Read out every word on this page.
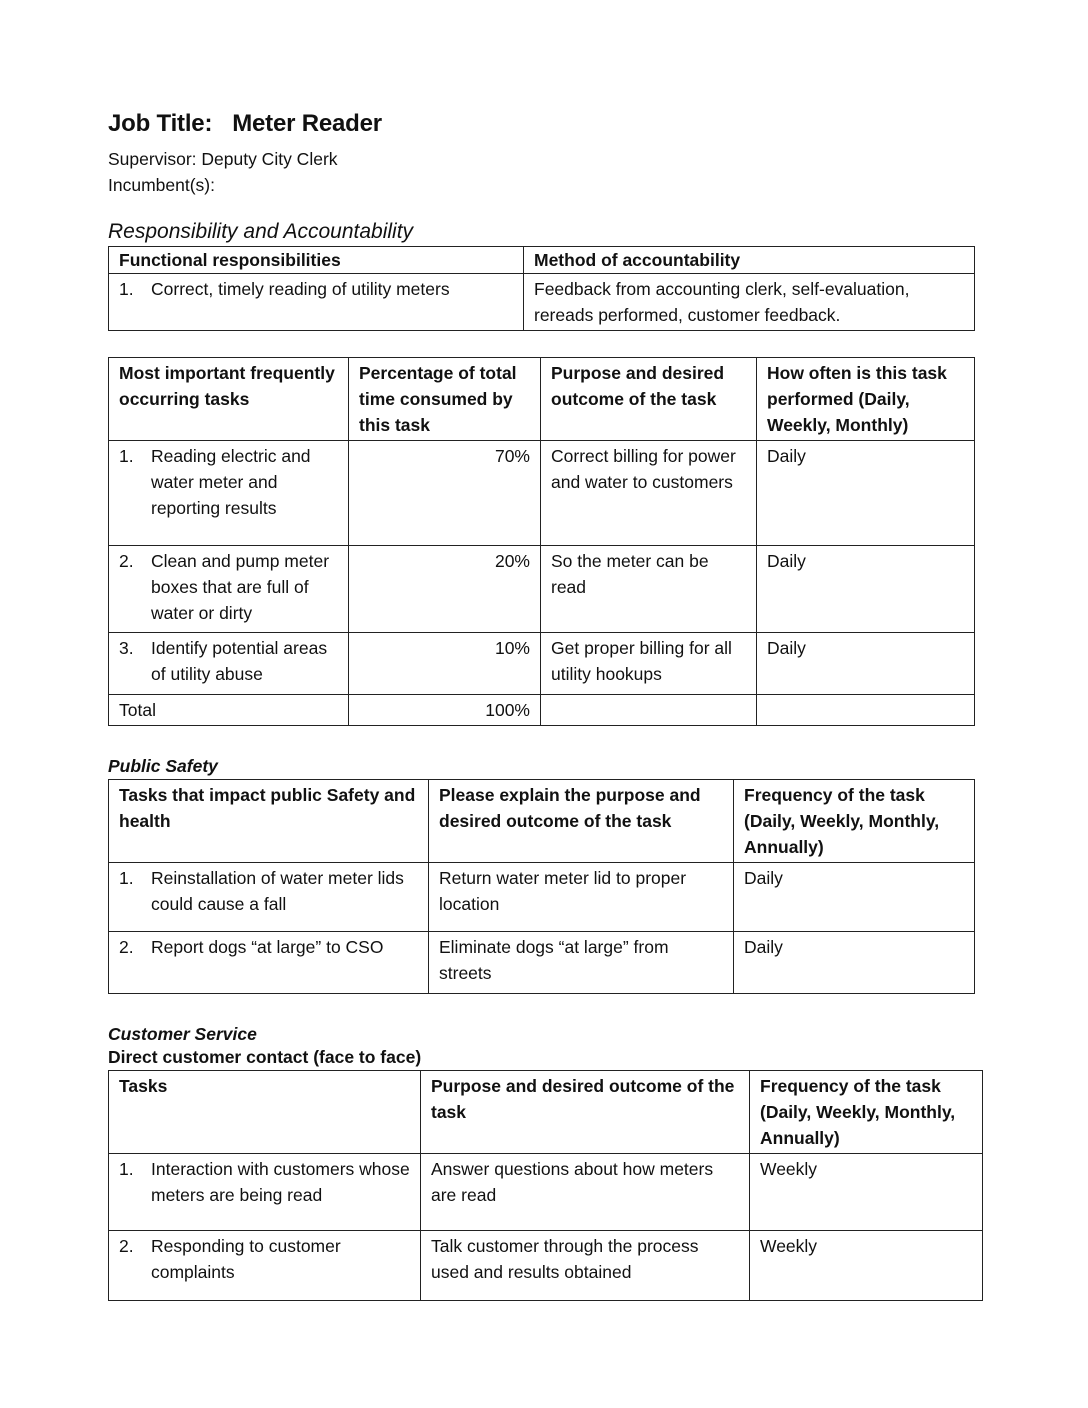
Job Title: Meter Reader
Supervisor: Deputy City Clerk
Incumbent(s):
Responsibility and Accountability
Functional responsibilities	Method of accountability

1. Correct, timely reading of utility meters	Feedback from accounting clerk, self-evaluation, rereads performed, customer feedback.
Most important frequently occurring tasks	Percentage of total time consumed by this task	Purpose and desired outcome of the task	How often is this task performed (Daily, Weekly, Monthly)

1. Reading electric and water meter and reporting results	70%	Correct billing for power and water to customers	Daily

2. Clean and pump meter boxes that are full of water or dirty	20%	So the meter can be read	Daily

3. Identify potential areas of utility abuse	10%	Get proper billing for all utility hookups	Daily
Total	100%		
Public Safety
Tasks that impact public Safety and health	Please explain the purpose and desired outcome of the task	Frequency of the task (Daily, Weekly, Monthly, Annually)

1. Reinstallation of water meter lids could cause a fall	Return water meter lid to proper location	Daily

2. Report dogs “at large” to CSO	Eliminate dogs “at large” from streets	Daily
Customer Service
Direct customer contact (face to face)
Tasks	Purpose and desired outcome of the task	Frequency of the task (Daily, Weekly, Monthly, Annually)

1. Interaction with customers whose meters are being read	Answer questions about how meters are read	Weekly

2. Responding to customer complaints	Talk customer through the process used and results obtained	Weekly
